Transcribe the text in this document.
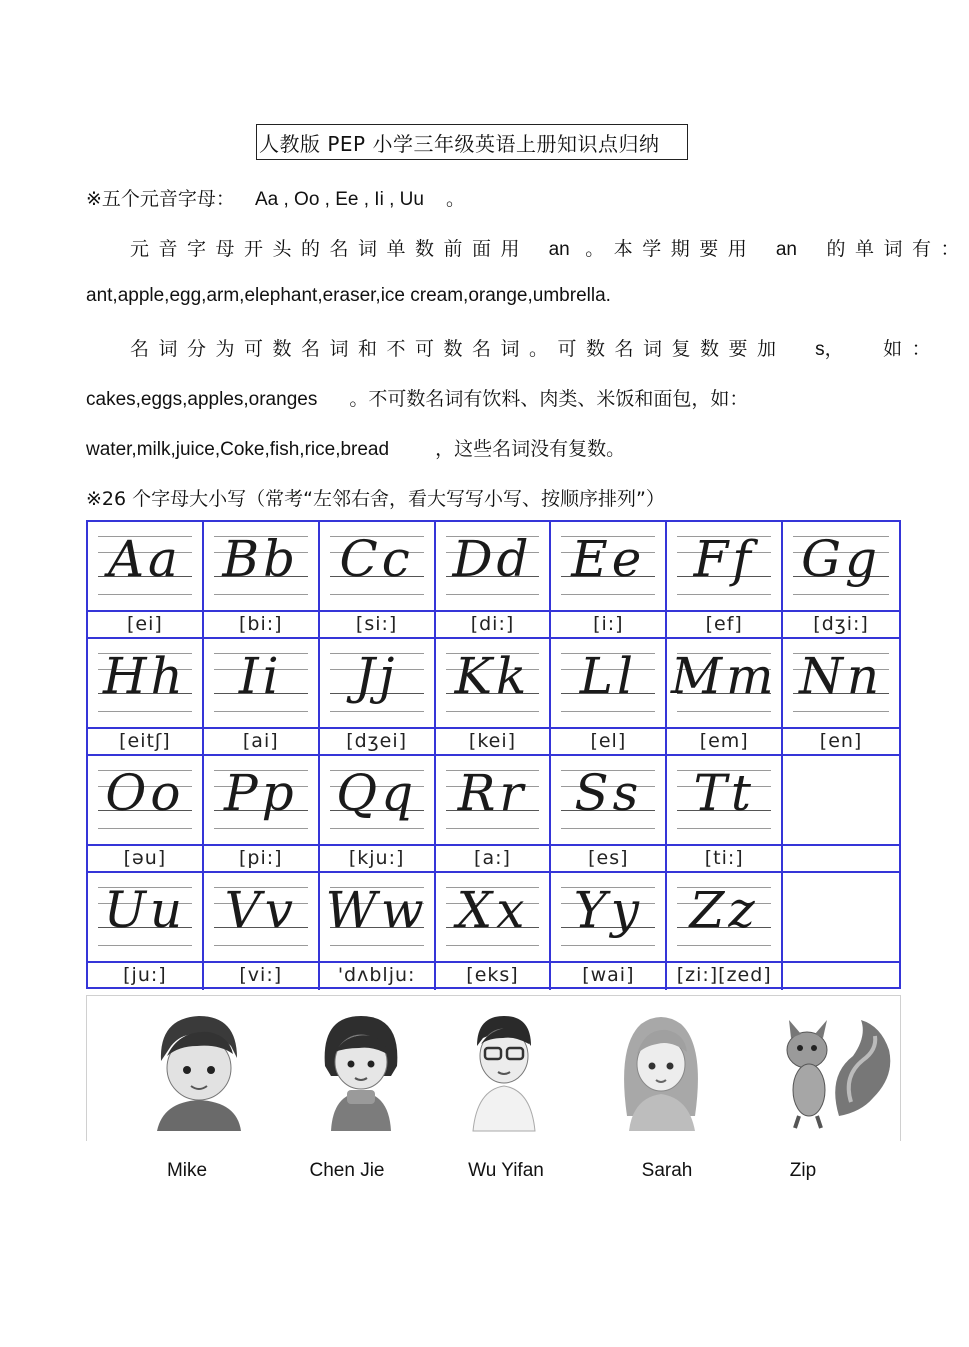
人教版 PEP 小学三年级英语上册知识点归纳
※五个元音字母： Aa , Oo , Ee , Ii , Uu 。
元音字母开头的名词单数前面用 an 。本学期要用 an 的单词有：
ant,apple,egg,arm,elephant,eraser,ice cream,orange,umbrella.
名词分为可数名词和不可数名词。可数名词复数要加 s， 如：
cakes,eggs,apples,oranges 。不可数名词有饮料、肉类、米饭和面包，如：
water,milk,juice,Coke,fish,rice,bread ，这些名词没有复数。
※26 个字母大小写（常考“左邻右舍，看大写写小写、按顺序排列”）
Aa Bb Cc Dd Ee Ff Gg
[ei]	[bi:]	[si:]	[di:]	[i:]	[ef]	[dʒi:]
Hh	Ii	Jj	Kk Ll Mm Nn
[eitʃ]	[ai]	[dʒei]	[kei]	[el]	[em]	[en]
Oo Pp Qq Rr Ss	Tt
[əu]	[pi:]	[kju:]	[a:]	[es]	[ti:]
Uu Vv Ww Xx Yy Zz
[ju:]	[vi:]	'dʌblju:	[eks]	[wai]	[zi:][zed]
Mike	Chen Jie	Wu Yifan	Sarah	Zip
